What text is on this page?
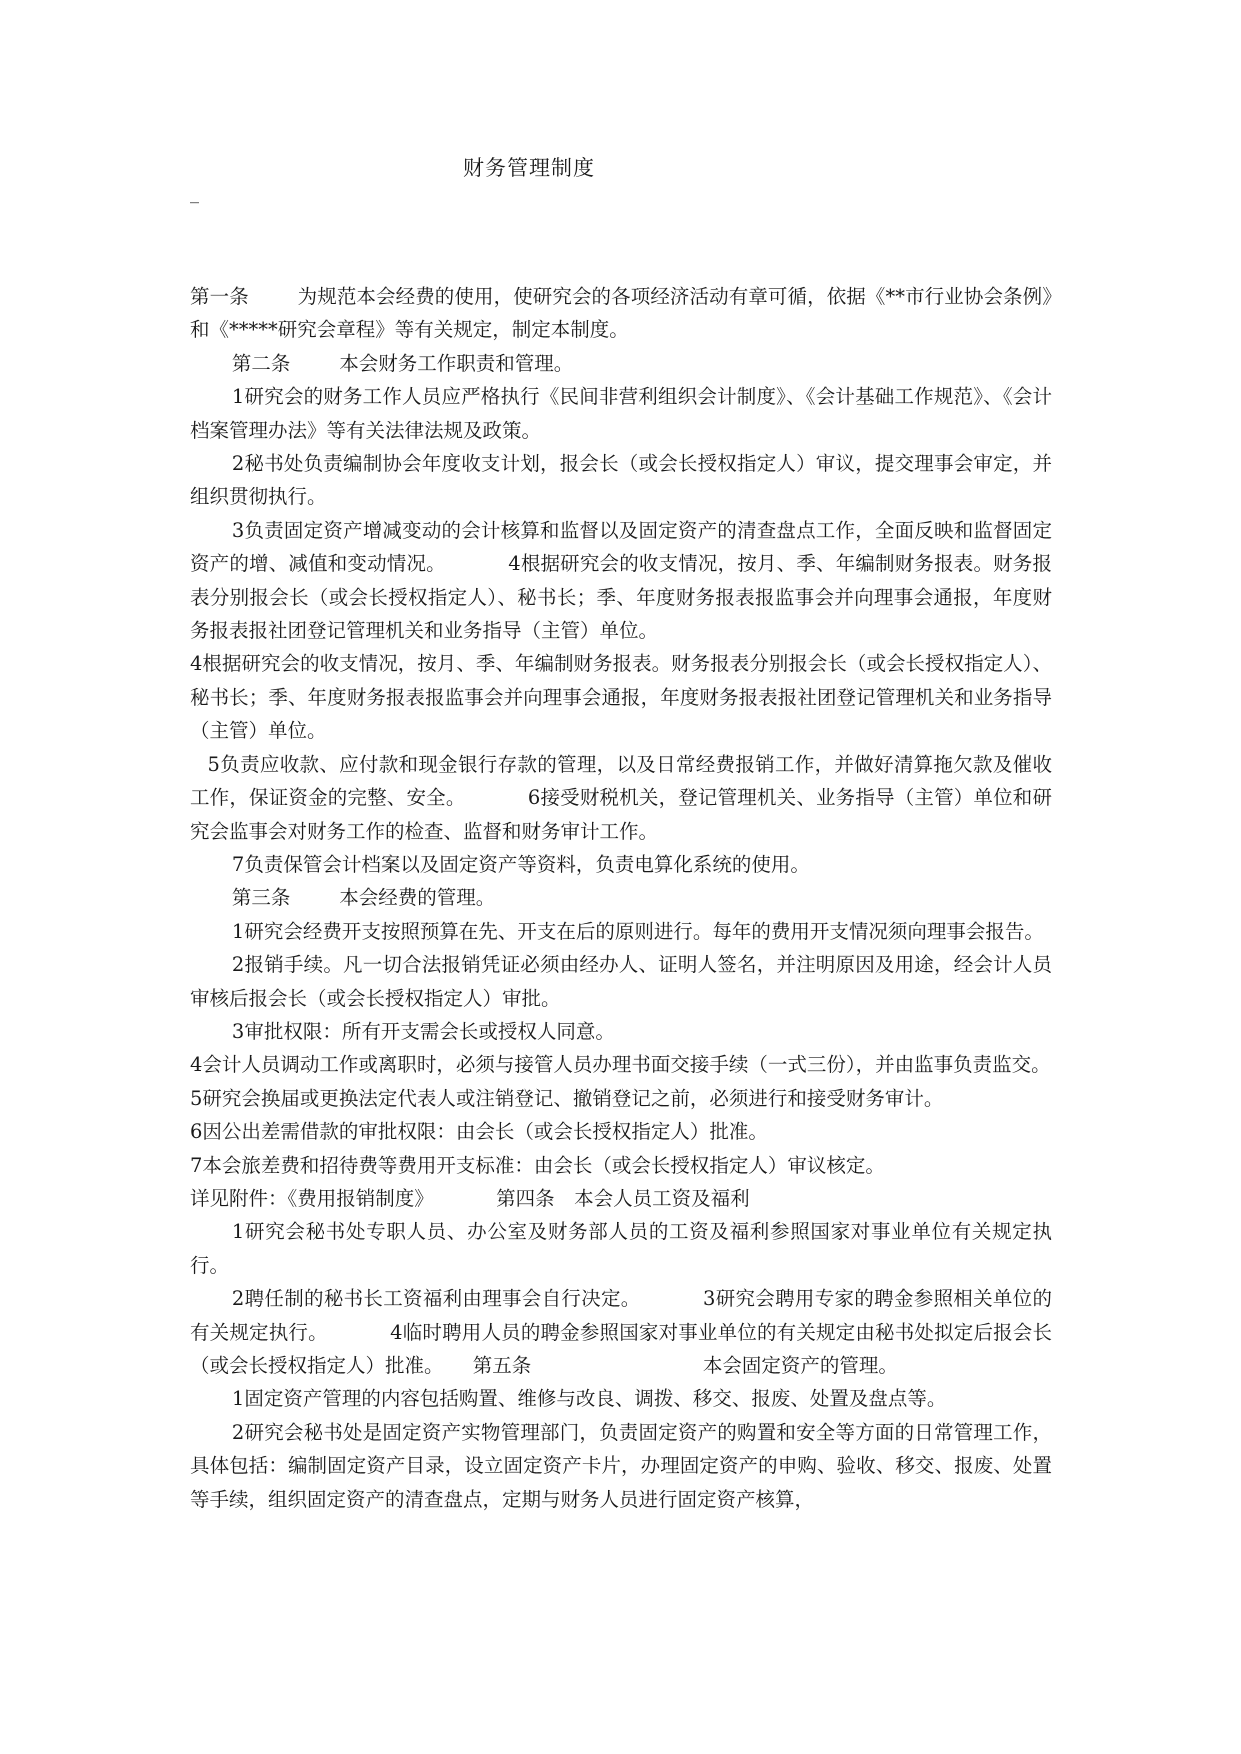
财务管理制度
_

第一条	为规范本会经费的使用，使研究会的各项经济活动有章可循，依据《**市行业协会条例》和《*****研究会章程》等有关规定，制定本制度。

第二条	本会财务工作职责和管理。

1研究会的财务工作人员应严格执行《民间非营利组织会计制度》、《会计基础工作规范》、《会计档案管理办法》等有关法律法规及政策。

2秘书处负责编制协会年度收支计划，报会长（或会长授权指定人）审议，提交理事会审定，并组织贯彻执行。

3负责固定资产增减变动的会计核算和监督以及固定资产的清查盘点工作，全面反映和监督固定资产的增、减值和变动情况。	4根据研究会的收支情况，按月、季、年编制财务报表。财务报表分别报会长（或会长授权指定人）、秘书长；季、年度财务报表报监事会并向理事会通报，年度财务报表报社团登记管理机关和业务指导（主管）单位。

4根据研究会的收支情况，按月、季、年编制财务报表。财务报表分别报会长（或会长授权指定人）、秘书长；季、年度财务报表报监事会并向理事会通报，年度财务报表报社团登记管理机关和业务指导（主管）单位。

5负责应收款、应付款和现金银行存款的管理，以及日常经费报销工作，并做好清算拖欠款及催收工作，保证资金的完整、安全。	6接受财税机关，登记管理机关、业务指导（主管）单位和研究会监事会对财务工作的检查、监督和财务审计工作。

7负责保管会计档案以及固定资产等资料，负责电算化系统的使用。

第三条	本会经费的管理。

1研究会经费开支按照预算在先、开支在后的原则进行。每年的费用开支情况须向理事会报告。

2报销手续。凡一切合法报销凭证必须由经办人、证明人签名，并注明原因及用途，经会计人员审核后报会长（或会长授权指定人）审批。

3审批权限：所有开支需会长或授权人同意。

4会计人员调动工作或离职时，必须与接管人员办理书面交接手续（一式三份），并由监事负责监交。

5研究会换届或更换法定代表人或注销登记、撤销登记之前，必须进行和接受财务审计。

6因公出差需借款的审批权限：由会长（或会长授权指定人）批准。

7本会旅差费和招待费等费用开支标准：由会长（或会长授权指定人）审议核定。

详见附件：《费用报销制度》	第四条 本会人员工资及福利

1研究会秘书处专职人员、办公室及财务部人员的工资及福利参照国家对事业单位有关规定执行。

2聘任制的秘书长工资福利由理事会自行决定。	3研究会聘用专家的聘金参照相关单位的有关规定执行。	4临时聘用人员的聘金参照国家对事业单位的有关规定由秘书处拟定后报会长（或会长授权指定人）批准。 第五条	本会固定资产的管理。

1固定资产管理的内容包括购置、维修与改良、调拨、移交、报废、处置及盘点等。

2研究会秘书处是固定资产实物管理部门，负责固定资产的购置和安全等方面的日常管理工作，具体包括：编制固定资产目录，设立固定资产卡片，办理固定资产的申购、验收、移交、报废、处置等手续，组织固定资产的清查盘点，定期与财务人员进行固定资产核算，
